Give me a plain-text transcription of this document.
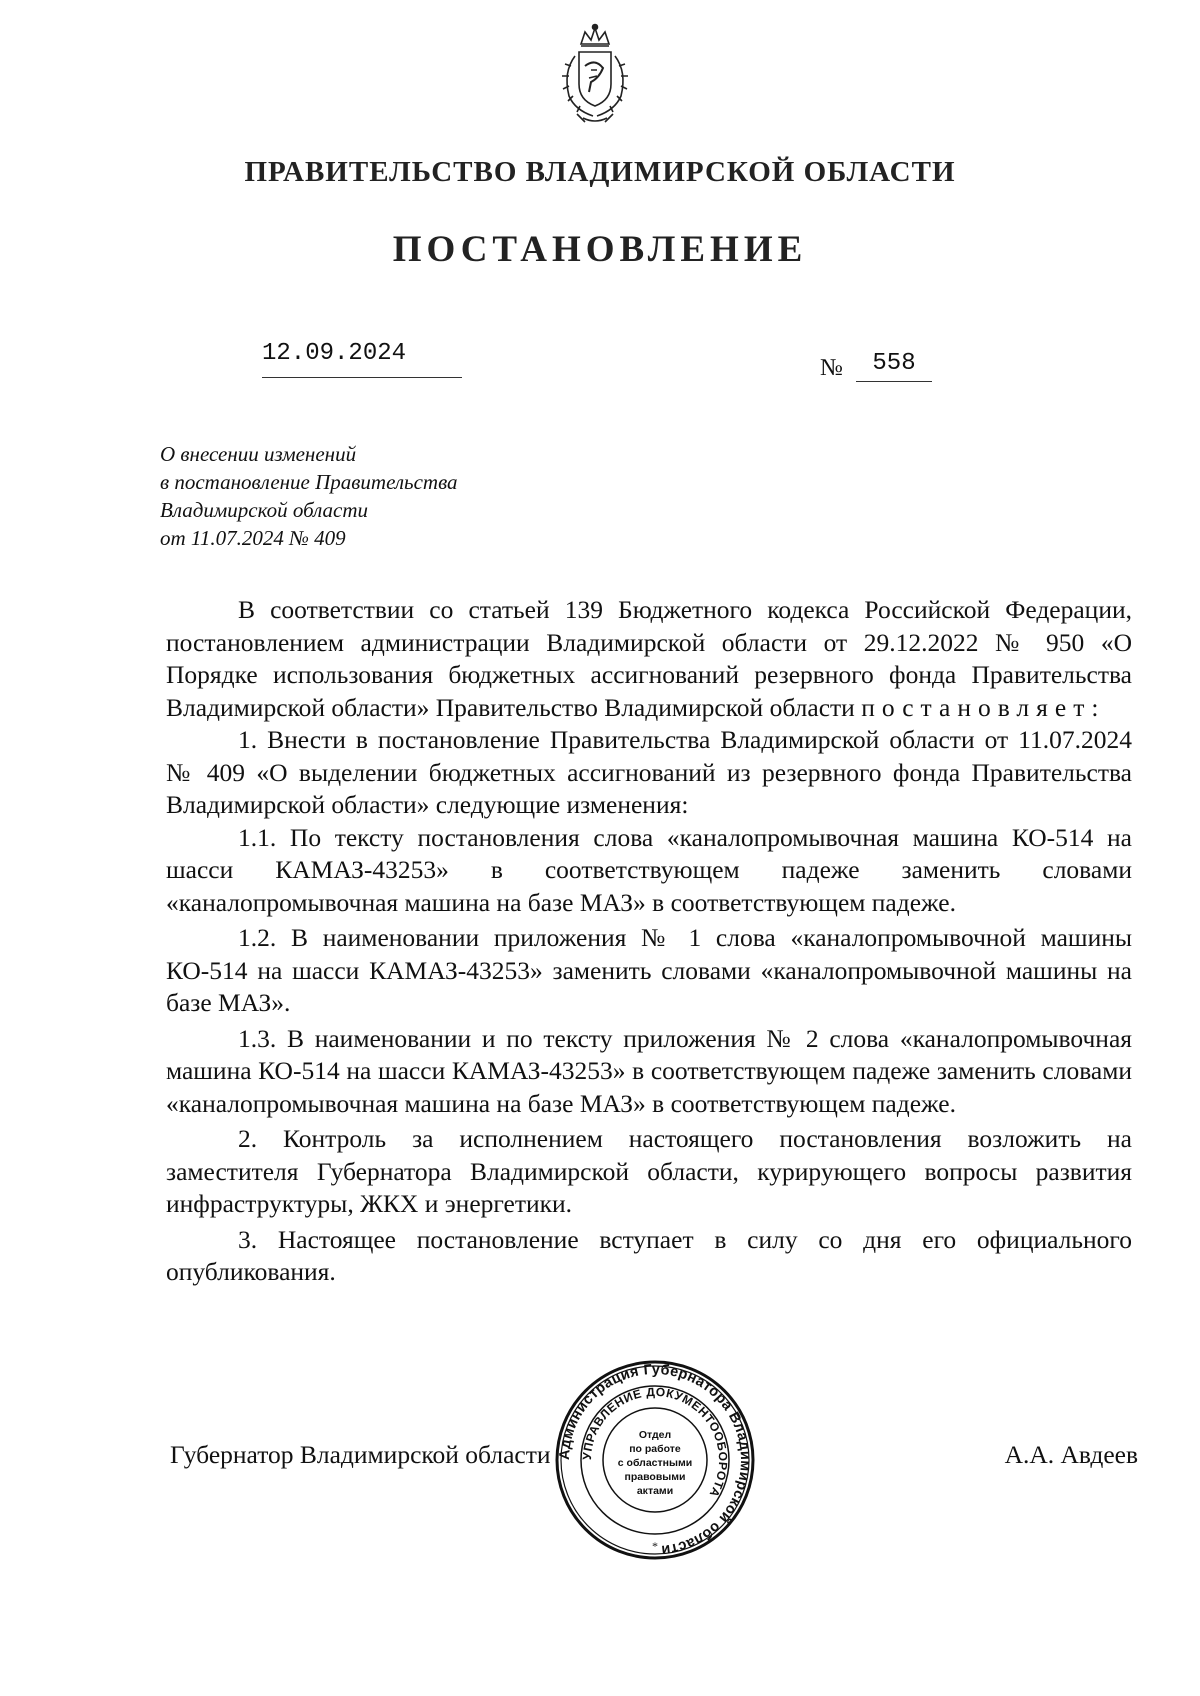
ПРАВИТЕЛЬСТВО ВЛАДИМИРСКОЙ ОБЛАСТИ
ПОСТАНОВЛЕНИЕ
12.09.2024
№	558
О внесении изменений
в постановление Правительства
Владимирской области
от 11.07.2024 № 409

В соответствии со статьей 139 Бюджетного кодекса Российской Федерации, постановлением администрации Владимирской области от 29.12.2022 № 950 «О Порядке использования бюджетных ассигнований резервного фонда Правительства Владимирской области» Правительство Владимирской области постановляет:

1. Внести в постановление Правительства Владимирской области от 11.07.2024 № 409 «О выделении бюджетных ассигнований из резервного фонда Правительства Владимирской области» следующие изменения:

1.1. По тексту постановления слова «каналопромывочная машина КО-514 на шасси КАМАЗ-43253» в соответствующем падеже заменить словами «каналопромывочная машина на базе МАЗ» в соответствующем падеже.

1.2. В наименовании приложения № 1 слова «каналопромывочной машины КО-514 на шасси КАМАЗ-43253» заменить словами «каналопромывочной машины на базе МАЗ».

1.3. В наименовании и по тексту приложения № 2 слова «каналопромывочная машина КО-514 на шасси КАМАЗ-43253» в соответствующем падеже заменить словами «каналопромывочная машина на базе МАЗ» в соответствующем падеже.

2. Контроль за исполнением настоящего постановления возложить на заместителя Губернатора Владимирской области, курирующего вопросы развития инфраструктуры, ЖКХ и энергетики.

3. Настоящее постановление вступает в силу со дня его официального опубликования.

Губернатор Владимирской области	А.А. Авдеев
Администрация Губернатора Владимирской области
УПРАВЛЕНИЕ ДОКУМЕНТООБОРОТА
Отдел
по работе
с областными
правовыми
актами
*
